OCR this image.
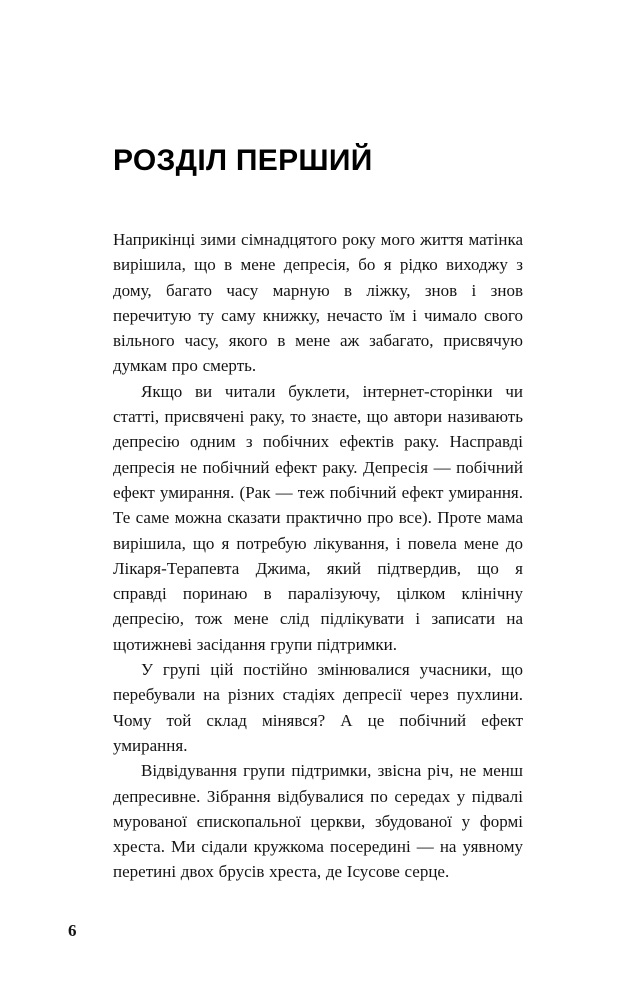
РОЗДІЛ ПЕРШИЙ

Наприкінці зими сімнадцятого року мого життя матінка вирішила, що в мене депресія, бо я рідко виходжу з дому, багато часу марную в ліжку, знов і знов перечитую ту саму книжку, нечасто їм і чимало свого вільного часу, якого в мене аж забагато, присвячую думкам про смерть.

Якщо ви читали буклети, інтернет-сторінки чи статті, присвячені раку, то знаєте, що автори називають депресію одним з побічних ефектів раку. Насправді депресія не побічний ефект раку. Депресія — побічний ефект умирання. (Рак — теж побічний ефект умирання. Те саме можна сказати практично про все). Проте мама вирішила, що я потребую лікування, і повела мене до Лікаря-Терапевта Джима, який підтвердив, що я справді поринаю в паралізуючу, цілком клінічну депресію, тож мене слід підлікувати і записати на щотижневі засідання групи підтримки.

У групі цій постійно змінювалися учасники, що перебували на різних стадіях депресії через пухлини. Чому той склад мінявся? А це побічний ефект умирання.

Відвідування групи підтримки, звісна річ, не менш депресивне. Зібрання відбувалися по середах у підвалі мурованої єпископальної церкви, збудованої у формі хреста. Ми сідали кружкома посередині — на уявному перетині двох брусів хреста, де Ісусове серце.

6
